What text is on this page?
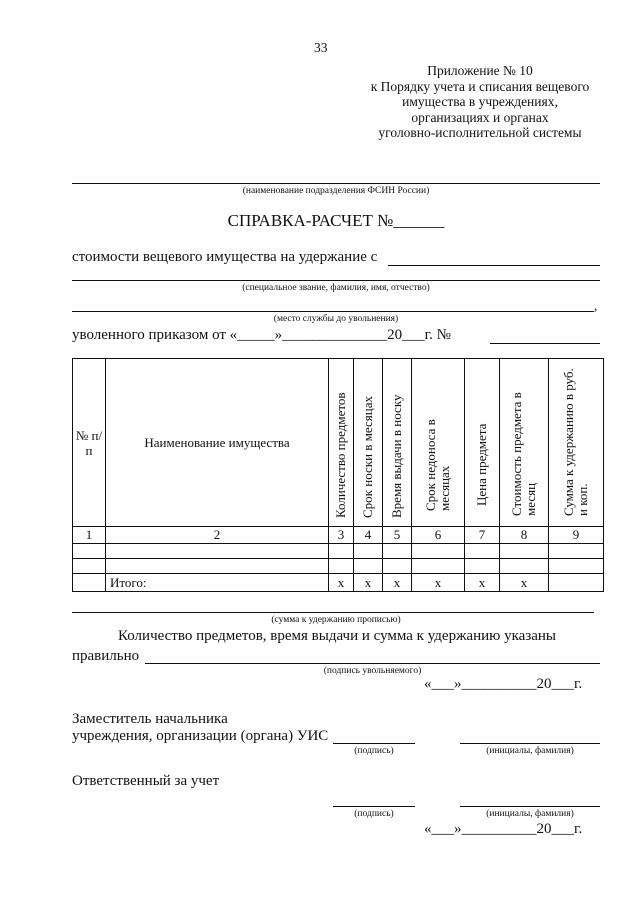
33
Приложение № 10
к Порядку учета и списания вещевого
имущества в учреждениях,
организациях и органах
уголовно-исполнительной системы
(наименование подразделения ФСИН России)
СПРАВКА-РАСЧЕТ №______
стоимости вещевого имущества на удержание с
(специальное звание, фамилия, имя, отчество)
,
(место службы до увольнения)
уволенного приказом от «_____»______________20___г. №
№ п/п	Наименование имущества	Количество предметов	Срок носки в месяцах	Время выдачи в носку	Срок недоноса в месяцах	Цена предмета	Стоимость предмета в месяц	Сумма к удержанию в руб. и коп.
1	2	3	4	5	6	7	8	9

	Итого:	x	x	x	x	x	x	
(сумма к удержанию прописью)
Количество предметов, время выдачи и сумма к удержанию указаны
правильно
(подпись увольняемого)
«___»__________20___г.
Заместитель начальника
учреждения, организации (органа) УИС
(подпись)	(инициалы, фамилия)
Ответственный за учет
(подпись)	(инициалы, фамилия)
«___»__________20___г.
